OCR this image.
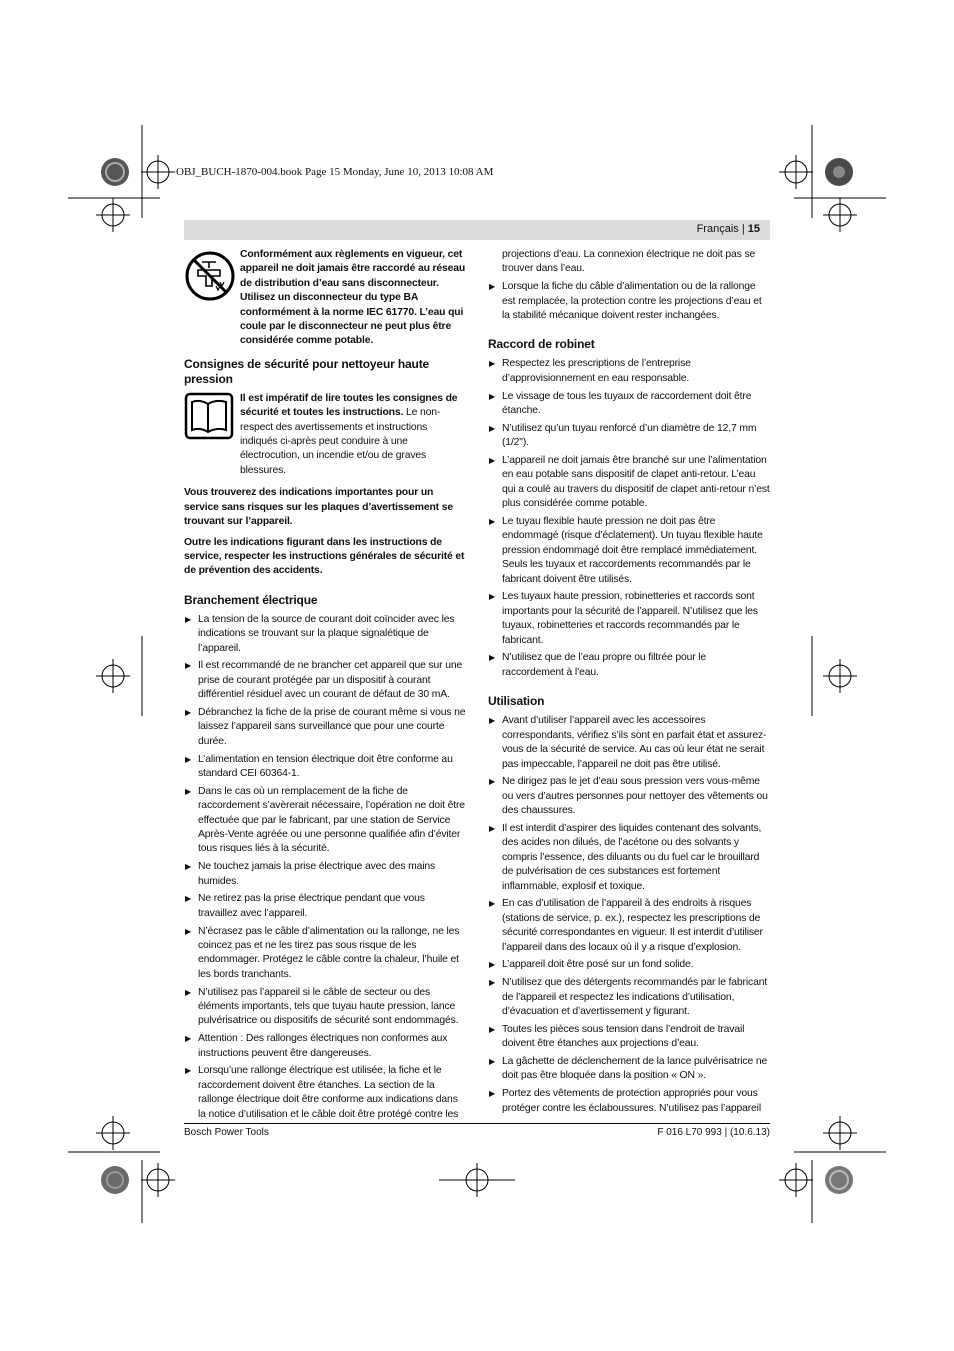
OBJ_BUCH-1870-004.book Page 15 Monday, June 10, 2013 10:08 AM
Français | 15
Conformément aux règlements en vigueur, cet appareil ne doit jamais être raccordé au réseau de distribution d’eau sans disconnecteur. Utilisez un disconnecteur du type BA conformément à la norme IEC 61770. L’eau qui coule par le disconnecteur ne peut plus être considérée comme potable.
Consignes de sécurité pour nettoyeur haute pression
Il est impératif de lire toutes les consignes de sécurité et toutes les instructions. Le non-respect des avertissements et instructions indiqués ci-après peut conduire à une électrocution, un incendie et/ou de graves blessures.

Vous trouverez des indications importantes pour un service sans risques sur les plaques d’avertissement se trouvant sur l’appareil.

Outre les indications figurant dans les instructions de service, respecter les instructions générales de sécurité et de prévention des accidents.

Branchement électrique
▶ La tension de la source de courant doit coïncider avec les indications se trouvant sur la plaque signalétique de l’appareil.
▶ Il est recommandé de ne brancher cet appareil que sur une prise de courant protégée par un dispositif à courant différentiel résiduel avec un courant de défaut de 30 mA.
▶ Débranchez la fiche de la prise de courant même si vous ne laissez l’appareil sans surveillance que pour une courte durée.
▶ L’alimentation en tension électrique doit être conforme au standard CEI 60364-1.
▶ Dans le cas où un remplacement de la fiche de raccordement s’avèrerait nécessaire, l’opération ne doit être effectuée que par le fabricant, par une station de Service Après-Vente agréée ou une personne qualifiée afin d’éviter tous risques liés à la sécurité.
▶ Ne touchez jamais la prise électrique avec des mains humides.
▶ Ne retirez pas la prise électrique pendant que vous travaillez avec l’appareil.
▶ N’écrasez pas le câble d’alimentation ou la rallonge, ne les coincez pas et ne les tirez pas sous risque de les endommager. Protégez le câble contre la chaleur, l’huile et les bords tranchants.
▶ N’utilisez pas l’appareil si le câble de secteur ou des éléments importants, tels que tuyau haute pression, lance pulvérisatrice ou dispositifs de sécurité sont endommagés.
▶ Attention : Des rallonges électriques non conformes aux instructions peuvent être dangereuses.
▶ Lorsqu’une rallonge électrique est utilisée, la fiche et le raccordement doivent être étanches. La section de la rallonge électrique doit être conforme aux indications dans la notice d’utilisation et le câble doit être protégé contre les
projections d’eau. La connexion électrique ne doit pas se trouver dans l’eau.
▶ Lorsque la fiche du câble d’alimentation ou de la rallonge est remplacée, la protection contre les projections d’eau et la stabilité mécanique doivent rester inchangées.
Raccord de robinet
▶ Respectez les prescriptions de l’entreprise d’approvisionnement en eau responsable.
▶ Le vissage de tous les tuyaux de raccordement doit être étanche.
▶ N’utilisez qu’un tuyau renforcé d’un diamètre de 12,7 mm (1/2").
▶ L’appareil ne doit jamais être branché sur une l’alimentation en eau potable sans dispositif de clapet anti-retour. L’eau qui a coulé au travers du dispositif de clapet anti-retour n’est plus considérée comme potable.
▶ Le tuyau flexible haute pression ne doit pas être endommagé (risque d’éclatement). Un tuyau flexible haute pression endommagé doit être remplacé immédiatement. Seuls les tuyaux et raccordements recommandés par le fabricant doivent être utilisés.
▶ Les tuyaux haute pression, robinetteries et raccords sont importants pour la sécurité de l’appareil. N’utilisez que les tuyaux, robinetteries et raccords recommandés par le fabricant.
▶ N’utilisez que de l’eau propre ou filtrée pour le raccordement à l’eau.
Utilisation
▶ Avant d’utiliser l’appareil avec les accessoires correspondants, vérifiez s’ils sont en parfait état et assurez-vous de la sécurité de service. Au cas où leur état ne serait pas impeccable, l’appareil ne doit pas être utilisé.
▶ Ne dirigez pas le jet d’eau sous pression vers vous-même ou vers d’autres personnes pour nettoyer des vêtements ou des chaussures.
▶ Il est interdit d’aspirer des liquides contenant des solvants, des acides non dilués, de l’acétone ou des solvants y compris l’essence, des diluants ou du fuel car le brouillard de pulvérisation de ces substances est fortement inflammable, explosif et toxique.
▶ En cas d’utilisation de l’appareil à des endroits à risques (stations de service, p. ex.), respectez les prescriptions de sécurité correspondantes en vigueur. Il est interdit d’utiliser l’appareil dans des locaux où il y a risque d’explosion.
▶ L’appareil doit être posé sur un fond solide.
▶ N’utilisez que des détergents recommandés par le fabricant de l’appareil et respectez les indications d’utilisation, d’évacuation et d’avertissement y figurant.
▶ Toutes les pièces sous tension dans l’endroit de travail doivent être étanches aux projections d’eau.
▶ La gâchette de déclenchement de la lance pulvérisatrice ne doit pas être bloquée dans la position « ON ».
▶ Portez des vêtements de protection appropriés pour vous protéger contre les éclaboussures. N’utilisez pas l’appareil
Bosch Power Tools	F 016 L70 993 | (10.6.13)
